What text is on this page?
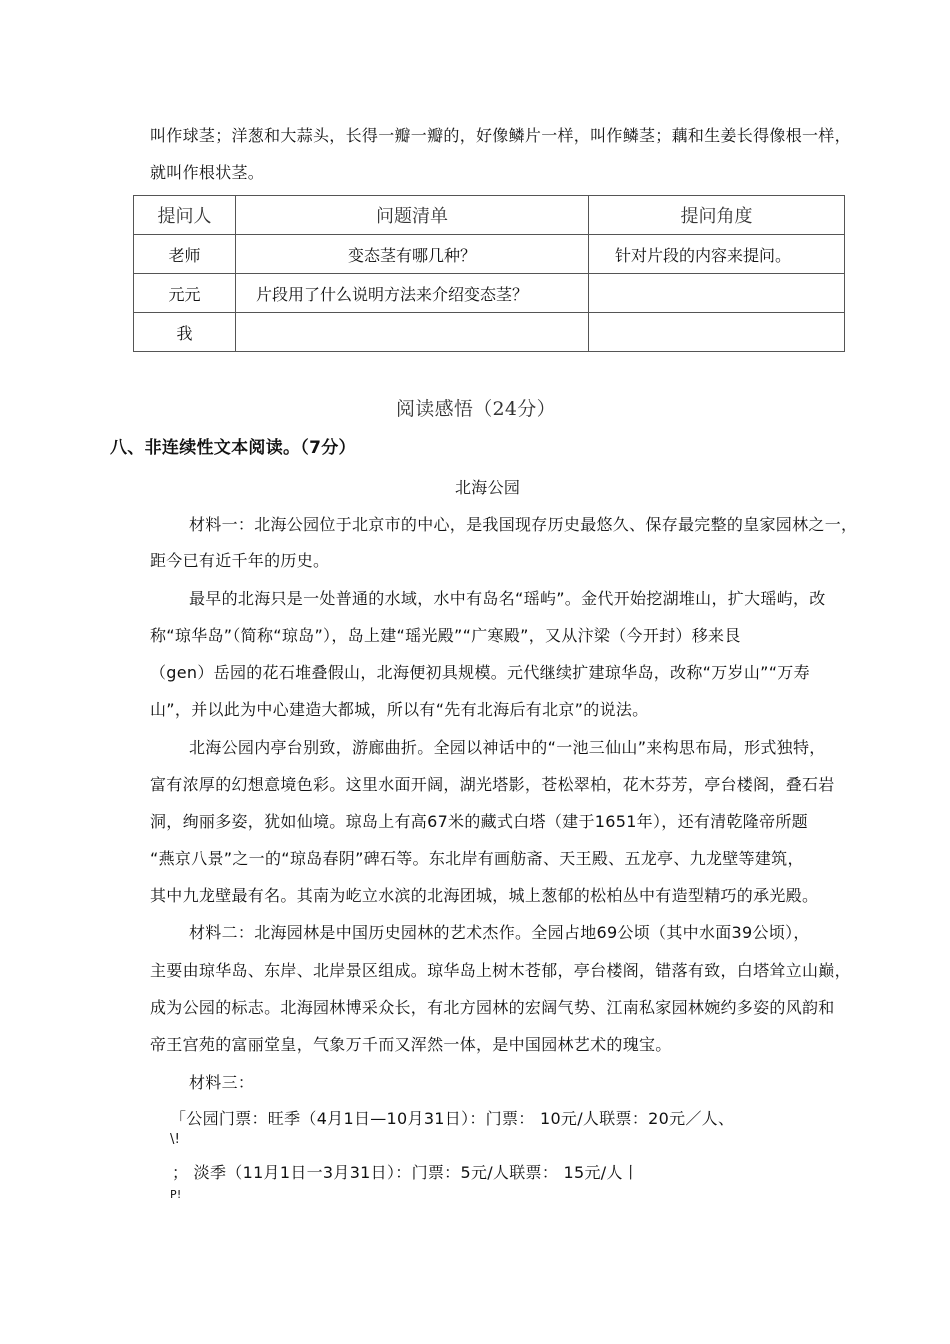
叫作球茎；洋葱和大蒜头，长得一瓣一瓣的，好像鳞片一样，叫作鳞茎；藕和生姜长得像根一样，
就叫作根状茎。
提问人	问题清单	提问角度
老师	变态茎有哪几种？	针对片段的内容来提问。
元元	片段用了什么说明方法来介绍变态茎？	
我		
阅读感悟（24分）
八、非连续性文本阅读。（7分）
北海公园
材料一：北海公园位于北京市的中心，是我国现存历史最悠久、保存最完整的皇家园林之一，
距今已有近千年的历史。
最早的北海只是一处普通的水域，水中有岛名“瑶屿”。金代开始挖湖堆山，扩大瑶屿，改
称“琼华岛”（简称“琼岛”），岛上建“瑶光殿”“广寒殿”，又从汴梁（今开封）移来艮
（gen）岳园的花石堆叠假山，北海便初具规模。元代继续扩建琼华岛，改称“万岁山”“万寿
山”，并以此为中心建造大都城，所以有“先有北海后有北京”的说法。
北海公园内亭台别致，游廊曲折。全园以神话中的“一池三仙山”来构思布局，形式独特，
富有浓厚的幻想意境色彩。这里水面开阔，湖光塔影，苍松翠柏，花木芬芳，亭台楼阁，叠石岩
洞，绚丽多姿，犹如仙境。琼岛上有高67米的藏式白塔（建于1651年），还有清乾隆帝所题
“燕京八景”之一的“琼岛春阴”碑石等。东北岸有画舫斋、天王殿、五龙亭、九龙壁等建筑，
其中九龙壁最有名。其南为屹立水滨的北海团城，城上葱郁的松柏丛中有造型精巧的承光殿。
材料二：北海园林是中国历史园林的艺术杰作。全园占地69公顷（其中水面39公顷），
主要由琼华岛、东岸、北岸景区组成。琼华岛上树木苍郁，亭台楼阁，错落有致，白塔耸立山巅，
成为公园的标志。北海园林博采众长，有北方园林的宏阔气势、江南私家园林婉约多姿的风韵和
帝王宫苑的富丽堂皇，气象万千而又浑然一体，是中国园林艺术的瑰宝。
材料三：
「公园门票：旺季（4月1日—10月31日）：门票： 10元/人联票：20元／人、
\!
； 淡季（11月1日一3月31日）：门票：5元/人联票： 15元/人丨
P!
